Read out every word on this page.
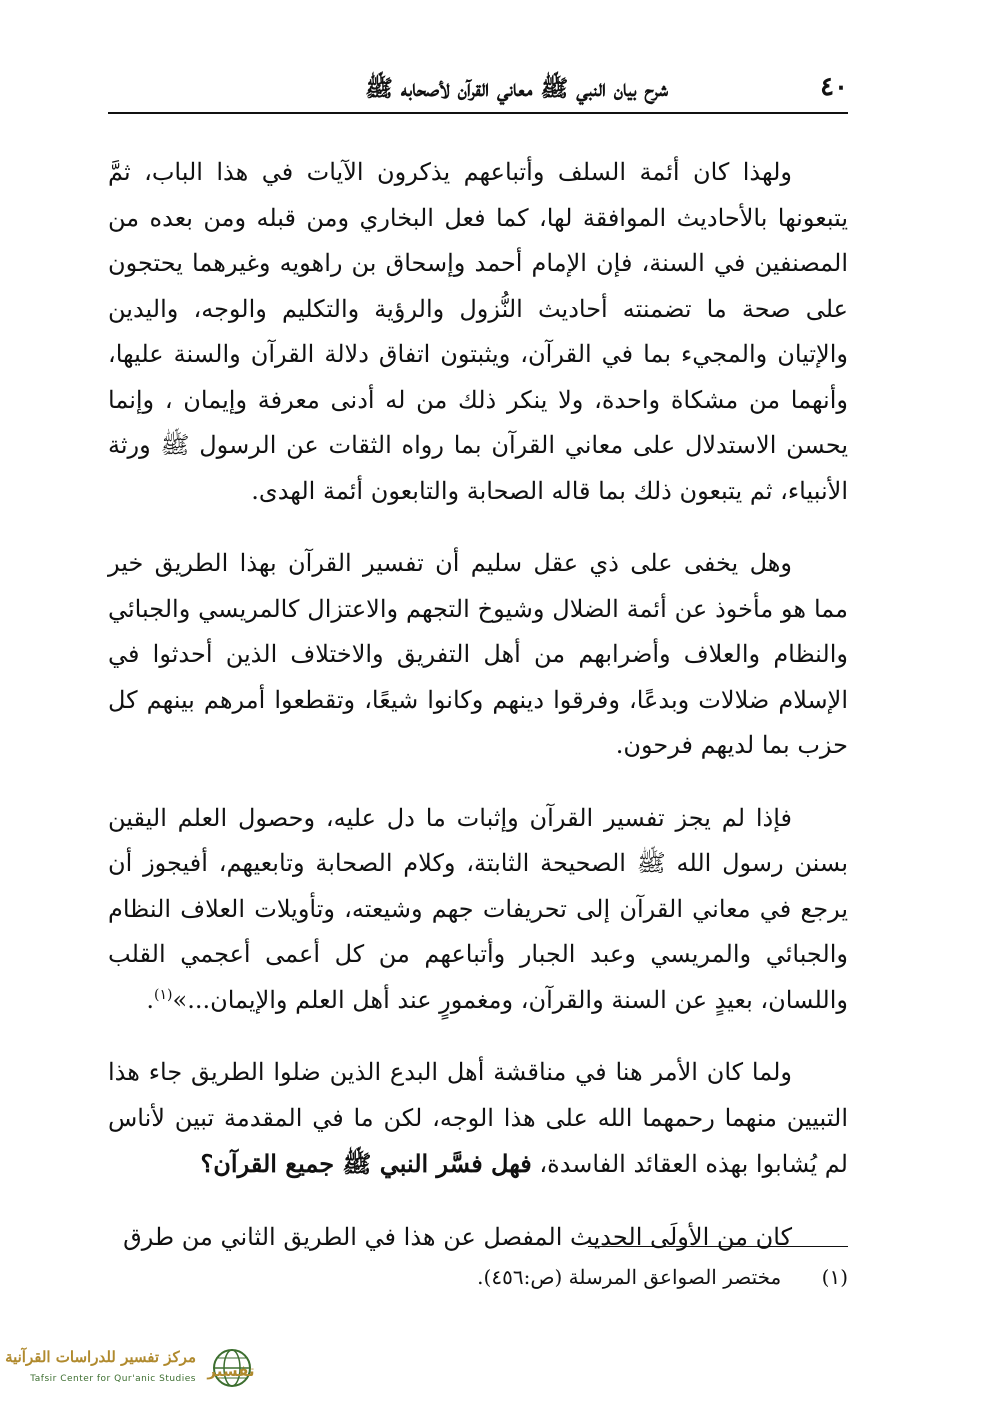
٤٠
شرح بيان النبي ﷺ معاني القرآن لأصحابه ﷺ

ولهذا كان أئمة السلف وأتباعهم يذكرون الآيات في هذا الباب، ثمَّ يتبعونها بالأحاديث الموافقة لها، كما فعل البخاري ومن قبله ومن بعده من المصنفين في السنة، فإن الإمام أحمد وإسحاق بن راهويه وغيرهما يحتجون على صحة ما تضمنته أحاديث النُّزول والرؤية والتكليم والوجه، واليدين والإتيان والمجيء بما في القرآن، ويثبتون اتفاق دلالة القرآن والسنة عليها، وأنهما من مشكاة واحدة، ولا ينكر ذلك من له أدنى معرفة وإيمان ، وإنما يحسن الاستدلال على معاني القرآن بما رواه الثقات عن الرسول ﷺ ورثة الأنبياء، ثم يتبعون ذلك بما قاله الصحابة والتابعون أئمة الهدى.

وهل يخفى على ذي عقل سليم أن تفسير القرآن بهذا الطريق خير مما هو مأخوذ عن أئمة الضلال وشيوخ التجهم والاعتزال كالمريسي والجبائي والنظام والعلاف وأضرابهم من أهل التفريق والاختلاف الذين أحدثوا في الإسلام ضلالات وبدعًا، وفرقوا دينهم وكانوا شيعًا، وتقطعوا أمرهم بينهم كل حزب بما لديهم فرحون.

فإذا لم يجز تفسير القرآن وإثبات ما دل عليه، وحصول العلم اليقين بسنن رسول الله ﷺ الصحيحة الثابتة، وكلام الصحابة وتابعيهم، أفيجوز أن يرجع في معاني القرآن إلى تحريفات جهم وشيعته، وتأويلات العلاف النظام والجبائي والمريسي وعبد الجبار وأتباعهم من كل أعمى أعجمي القلب واللسان، بعيدٍ عن السنة والقرآن، ومغمورٍ عند أهل العلم والإيمان...»$^{(١)}$.

ولما كان الأمر هنا في مناقشة أهل البدع الذين ضلوا الطريق جاء هذا التبيين منهما رحمهما الله على هذا الوجه، لكن ما في المقدمة تبين لأناس لم يُشابوا بهذه العقائد الفاسدة، فهل فسَّر النبي ﷺ جميع القرآن؟

كان من الأولَى الحديث المفصل عن هذا في الطريق الثاني من طرق

(١) مختصر الصواعق المرسلة (ص:٤٥٦).
تفسير
مركز تفسير للدراسات القرآنية
Tafsir Center for Qur'anic Studies
